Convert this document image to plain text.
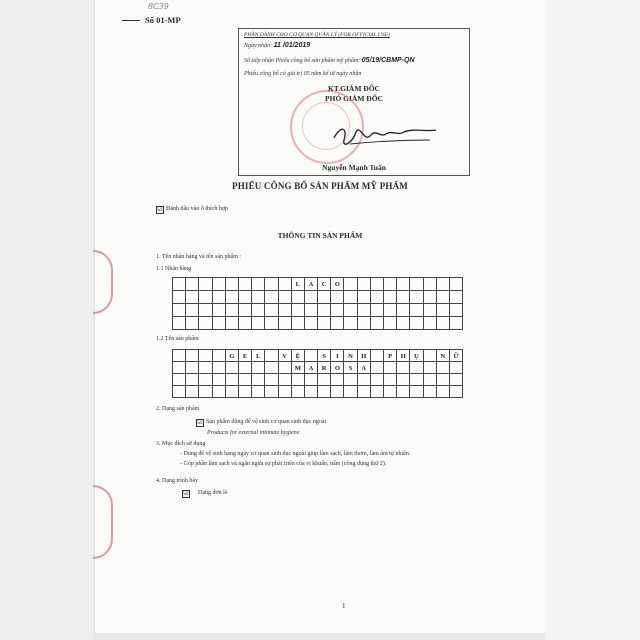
8C39
Số 01-MP
PHẦN DÀNH CHO CƠ QUAN QUẢN LÝ (FOR OFFICIAL USE)
Ngày nhận: 11 /01/2019
Số tiếp nhận Phiếu công bố sản phẩm mỹ phẩm: 05/19/CBMP-QN
Phiếu công bố có giá trị 05 năm kể từ ngày nhận
KT.GIÁM ĐỐC
PHÓ GIÁM ĐỐC
Nguyễn Mạnh Tuấn
PHIẾU CÔNG BỐ SẢN PHẨM MỸ PHẨM
☑ Đánh dấu vào ô thích hợp
THÔNG TIN SẢN PHẨM
1. Tên nhãn hàng và tên sản phẩm :
1.1 Nhãn hàng
L	A	C	O
1.2 Tên sản phẩm
G	E	L	V	Ệ	S	I	N	H	P	H	Ụ	N	Ữ
M	A	R	O	S	A
2. Dạng sản phẩm
☑ Sản phẩm dùng để vệ sinh cơ quan sinh dục ngoài
Products for external intimate hygiene
3. Mục đích sử dụng
- Dùng để vệ sinh hang ngày cơ quan sinh dục ngoài giúp làm sạch, làm thơm, làm ẩm tự nhiên.
- Góp phần làm sạch và ngăn ngừa sự phát triển của vi khuẩn, nấm (công dụng thứ 2).
4. Dạng trình bày
☑ Dạng đơn lẻ
1
